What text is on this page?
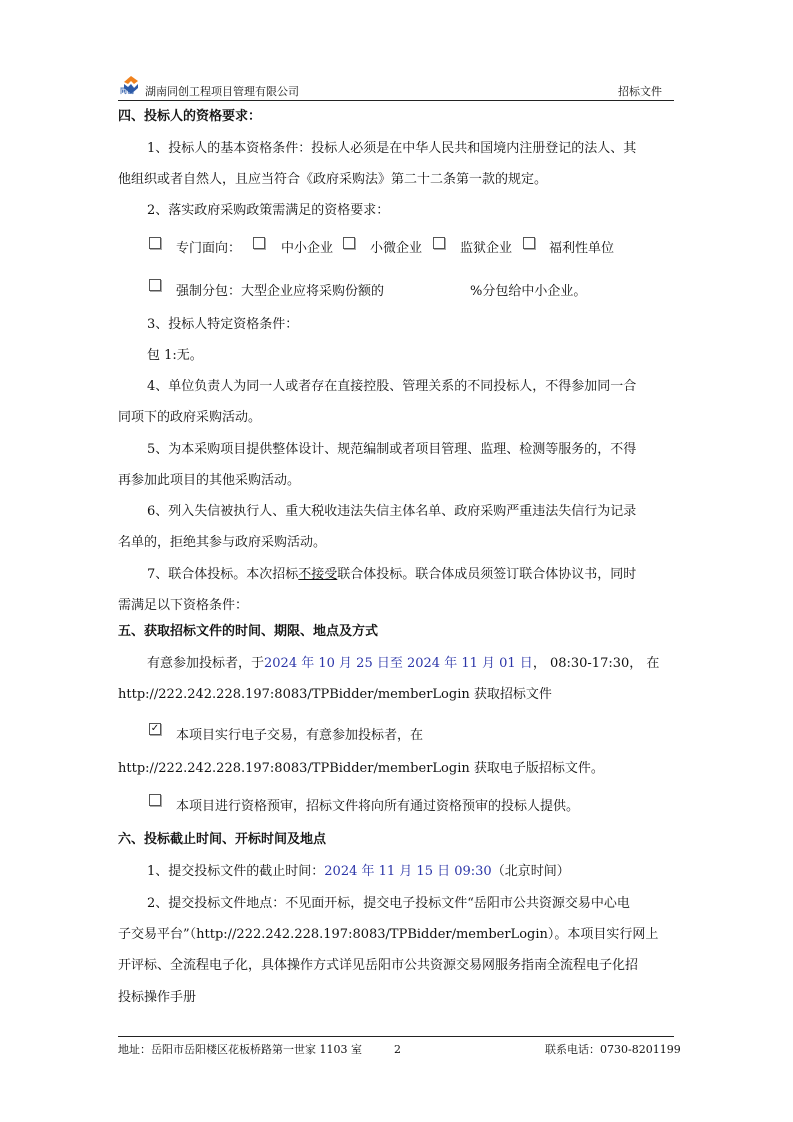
同创 湖南同创工程项目管理有限公司	招标文件
四、投标人的资格要求：
1、投标人的基本资格条件：投标人必须是在中华人民共和国境内注册登记的法人、其
他组织或者自然人，且应当符合《政府采购法》第二十二条第一款的规定。
2、落实政府采购政策需满足的资格要求：
专门面向：	中小企业	小微企业	监狱企业	福利性单位
强制分包：大型企业应将采购份额的	%分包给中小企业。
3、投标人特定资格条件：
包 1:无。
4、单位负责人为同一人或者存在直接控股、管理关系的不同投标人，不得参加同一合
同项下的政府采购活动。
5、为本采购项目提供整体设计、规范编制或者项目管理、监理、检测等服务的，不得
再参加此项目的其他采购活动。
6、列入失信被执行人、重大税收违法失信主体名单、政府采购严重违法失信行为记录
名单的，拒绝其参与政府采购活动。
7、联合体投标。本次招标不接受联合体投标。联合体成员须签订联合体协议书，同时
需满足以下资格条件：
五、获取招标文件的时间、期限、地点及方式
有意参加投标者，于2024 年 10 月 25 日至 2024 年 11 月 01 日， 08:30-17:30， 在
http://222.242.228.197:8083/TPBidder/memberLogin 获取招标文件
✓ 本项目实行电子交易，有意参加投标者，在
http://222.242.228.197:8083/TPBidder/memberLogin 获取电子版招标文件。
本项目进行资格预审，招标文件将向所有通过资格预审的投标人提供。
六、投标截止时间、开标时间及地点
1、提交投标文件的截止时间：2024 年 11 月 15 日 09:30（北京时间）
2、提交投标文件地点：不见面开标，提交电子投标文件“岳阳市公共资源交易中心电
子交易平台”（http://222.242.228.197:8083/TPBidder/memberLogin）。本项目实行网上
开评标、全流程电子化，具体操作方式详见岳阳市公共资源交易网服务指南全流程电子化招
投标操作手册
地址：岳阳市岳阳楼区花板桥路第一世家 1103 室	2	联系电话：0730-8201199
